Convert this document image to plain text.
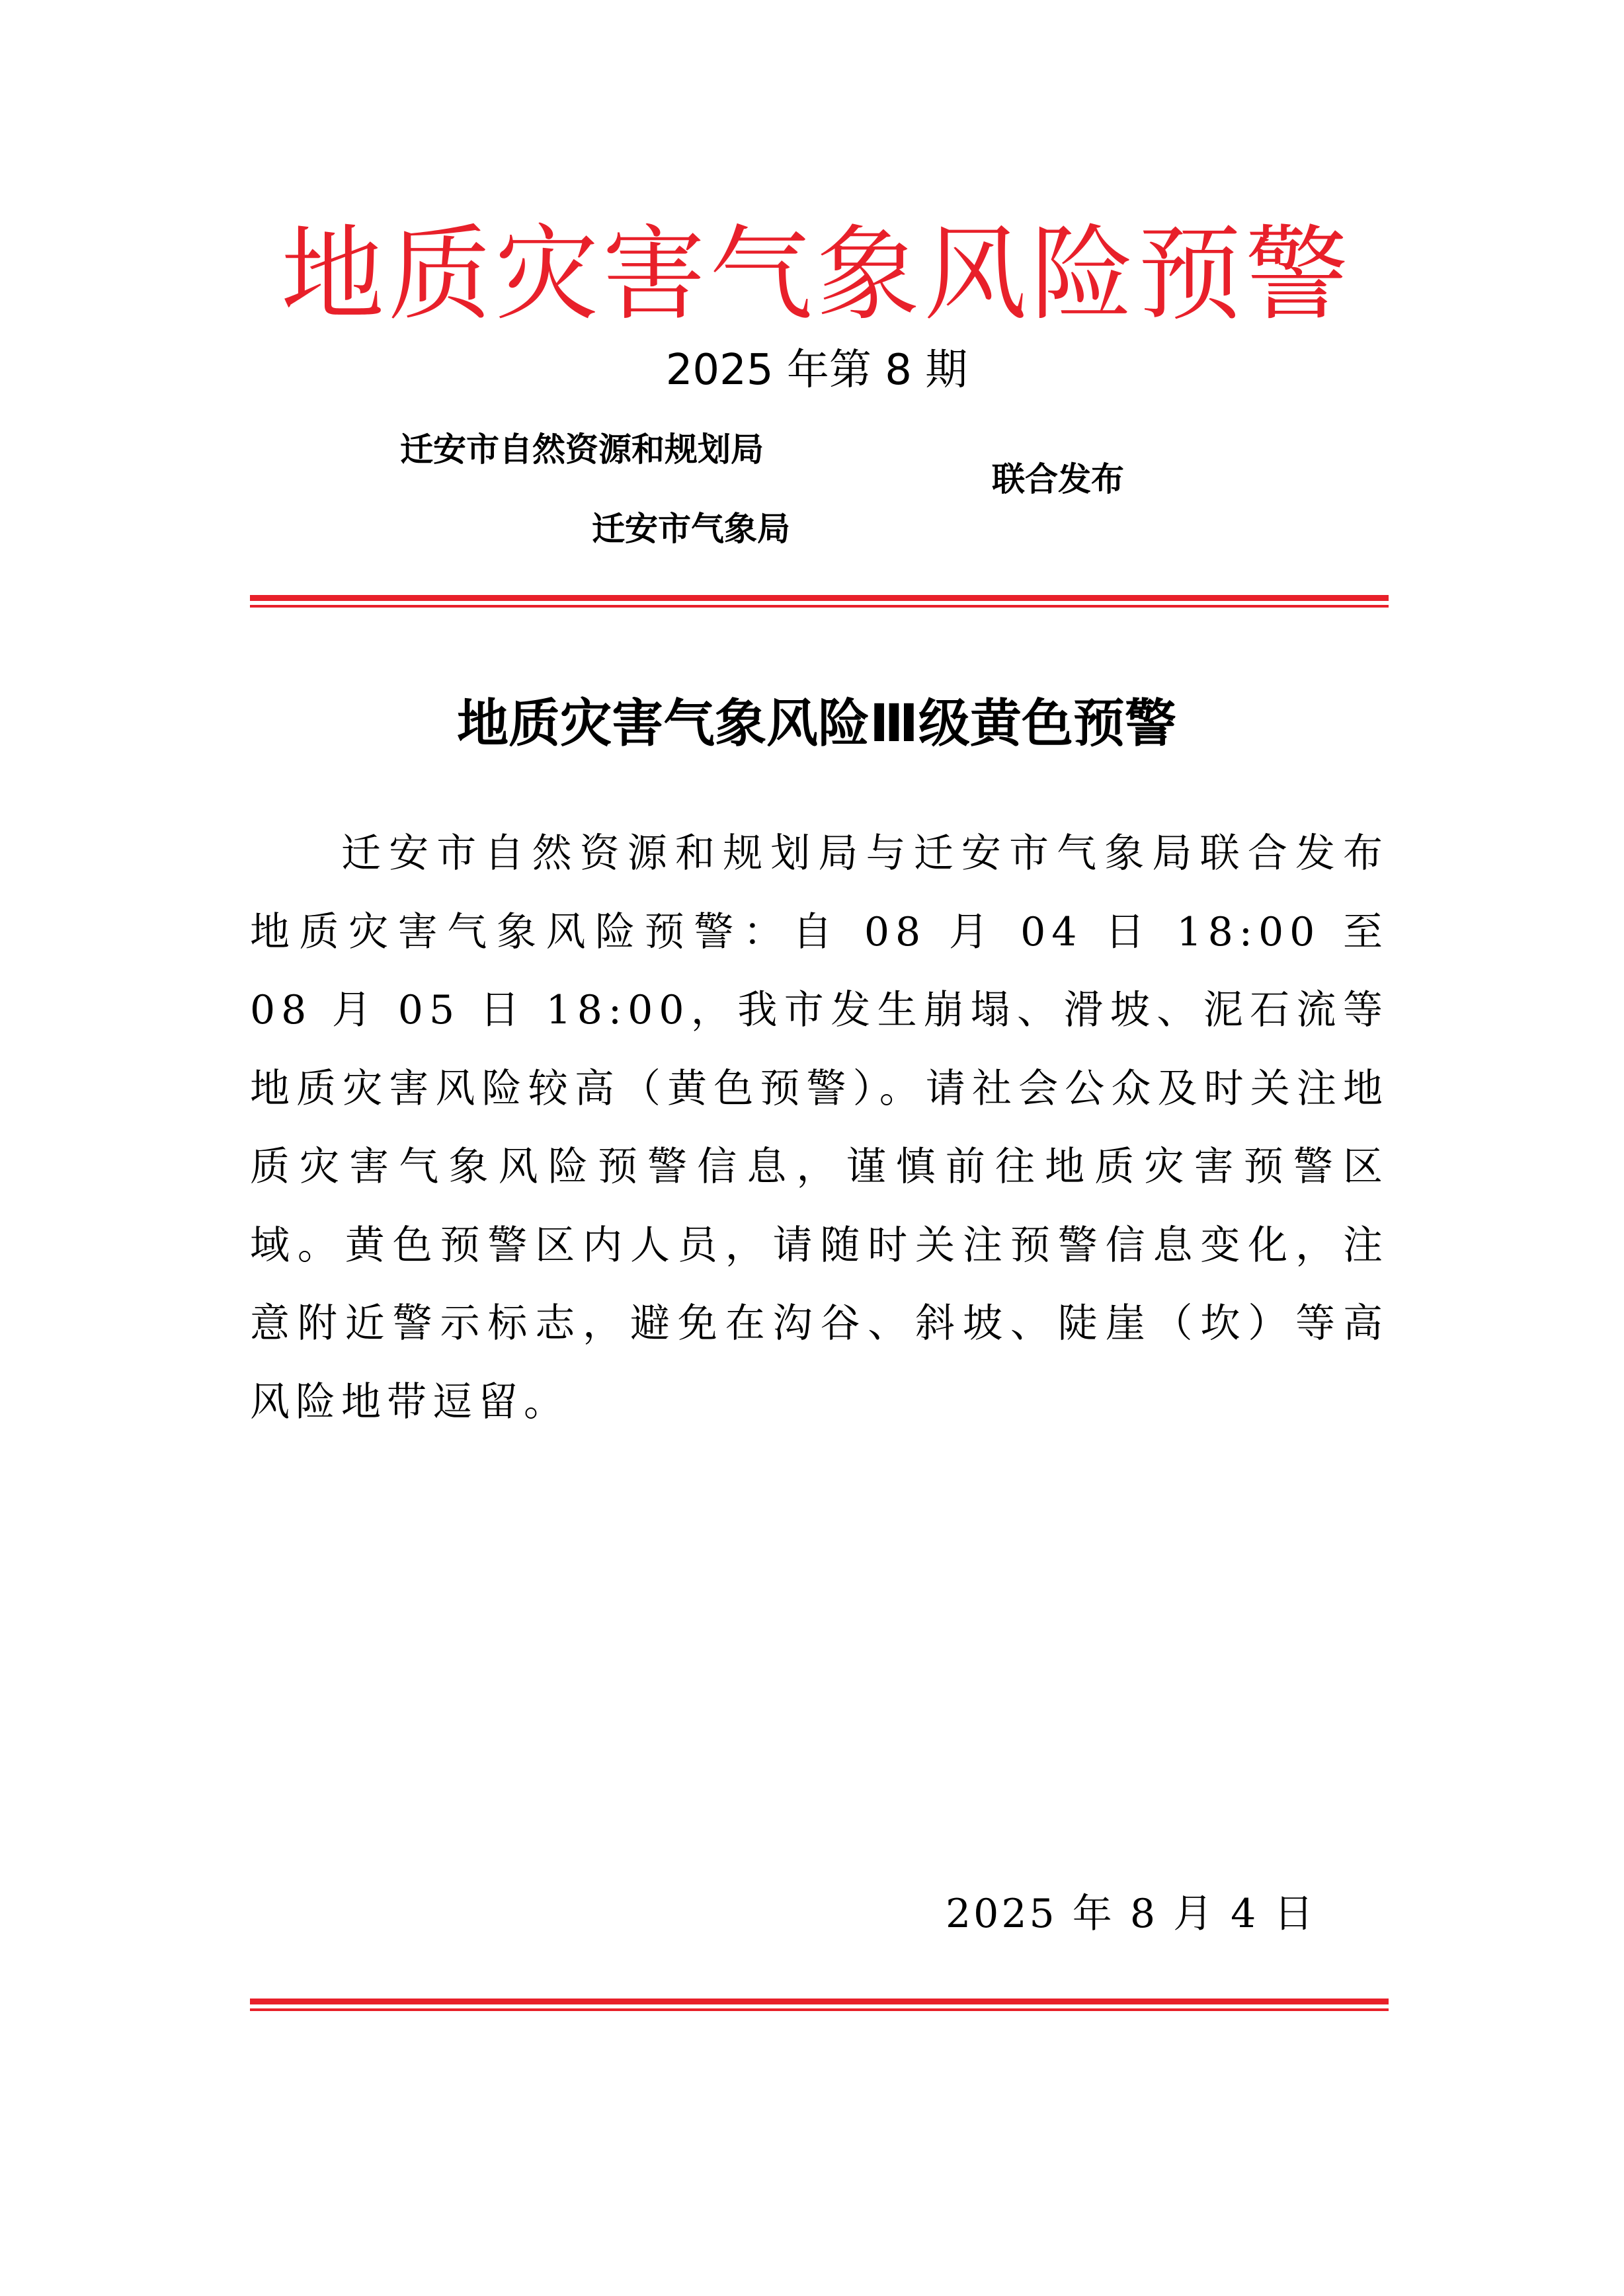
地质灾害气象风险预警
2025 年第 8 期
迁安市自然资源和规划局
迁安市气象局
联合发布
地质灾害气象风险Ⅲ级黄色预警

迁安市自然资源和规划局与迁安市气象局联合发布地质灾害气象风险预警：自 08 月 04 日 18:00 至 08 月 05 日 18:00，我市发生崩塌、滑坡、泥石流等地质灾害风险较高（黄色预警）。请社会公众及时关注地质灾害气象风险预警信息，谨慎前往地质灾害预警区域。黄色预警区内人员，请随时关注预警信息变化，注意附近警示标志，避免在沟谷、斜坡、陡崖（坎）等高风险地带逗留。

2025 年 8 月 4 日
